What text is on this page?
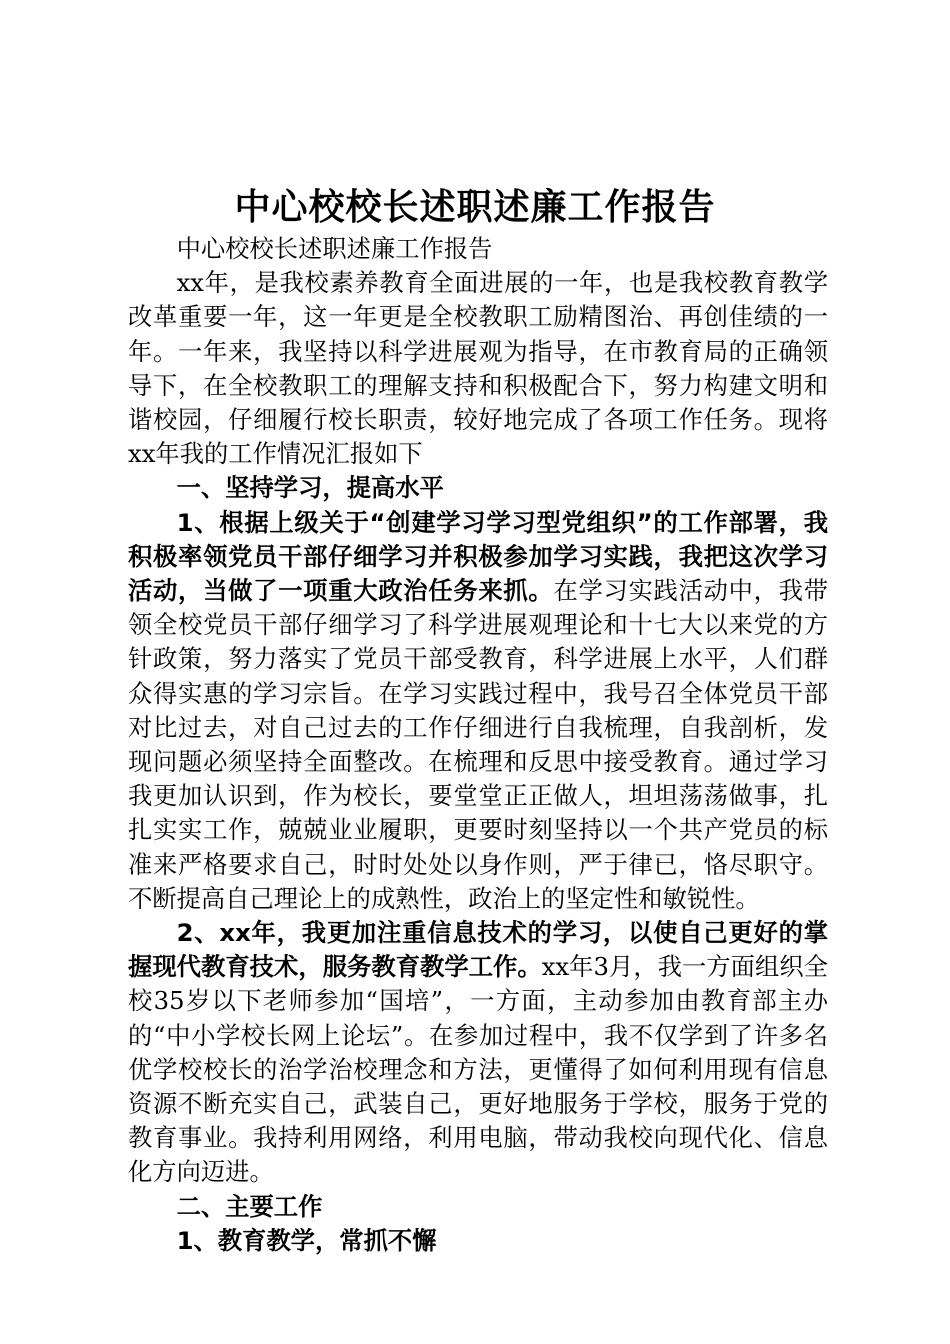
中心校校长述职述廉工作报告

中心校校长述职述廉工作报告

xx年，是我校素养教育全面进展的一年，也是我校教育教学改革重要一年，这一年更是全校教职工励精图治、再创佳绩的一年。一年来，我坚持以科学进展观为指导，在市教育局的正确领导下，在全校教职工的理解支持和积极配合下，努力构建文明和谐校园，仔细履行校长职责，较好地完成了各项工作任务。现将xx年我的工作情况汇报如下

一、坚持学习，提高水平

1、根据上级关于“创建学习学习型党组织”的工作部署，我积极率领党员干部仔细学习并积极参加学习实践，我把这次学习活动，当做了一项重大政治任务来抓。在学习实践活动中，我带领全校党员干部仔细学习了科学进展观理论和十七大以来党的方针政策，努力落实了党员干部受教育，科学进展上水平，人们群众得实惠的学习宗旨。在学习实践过程中，我号召全体党员干部对比过去，对自己过去的工作仔细进行自我梳理，自我剖析，发现问题必须坚持全面整改。在梳理和反思中接受教育。通过学习我更加认识到，作为校长，要堂堂正正做人，坦坦荡荡做事，扎扎实实工作，兢兢业业履职，更要时刻坚持以一个共产党员的标准来严格要求自己，时时处处以身作则，严于律已，恪尽职守。不断提高自己理论上的成熟性，政治上的坚定性和敏锐性。

2、xx年，我更加注重信息技术的学习，以使自己更好的掌握现代教育技术，服务教育教学工作。xx年3月，我一方面组织全校35岁以下老师参加“国培”，一方面，主动参加由教育部主办的“中小学校长网上论坛”。在参加过程中，我不仅学到了许多名优学校校长的治学治校理念和方法，更懂得了如何利用现有信息资源不断充实自己，武装自己，更好地服务于学校，服务于党的教育事业。我持利用网络，利用电脑，带动我校向现代化、信息化方向迈进。

二、主要工作

1、教育教学，常抓不懈
